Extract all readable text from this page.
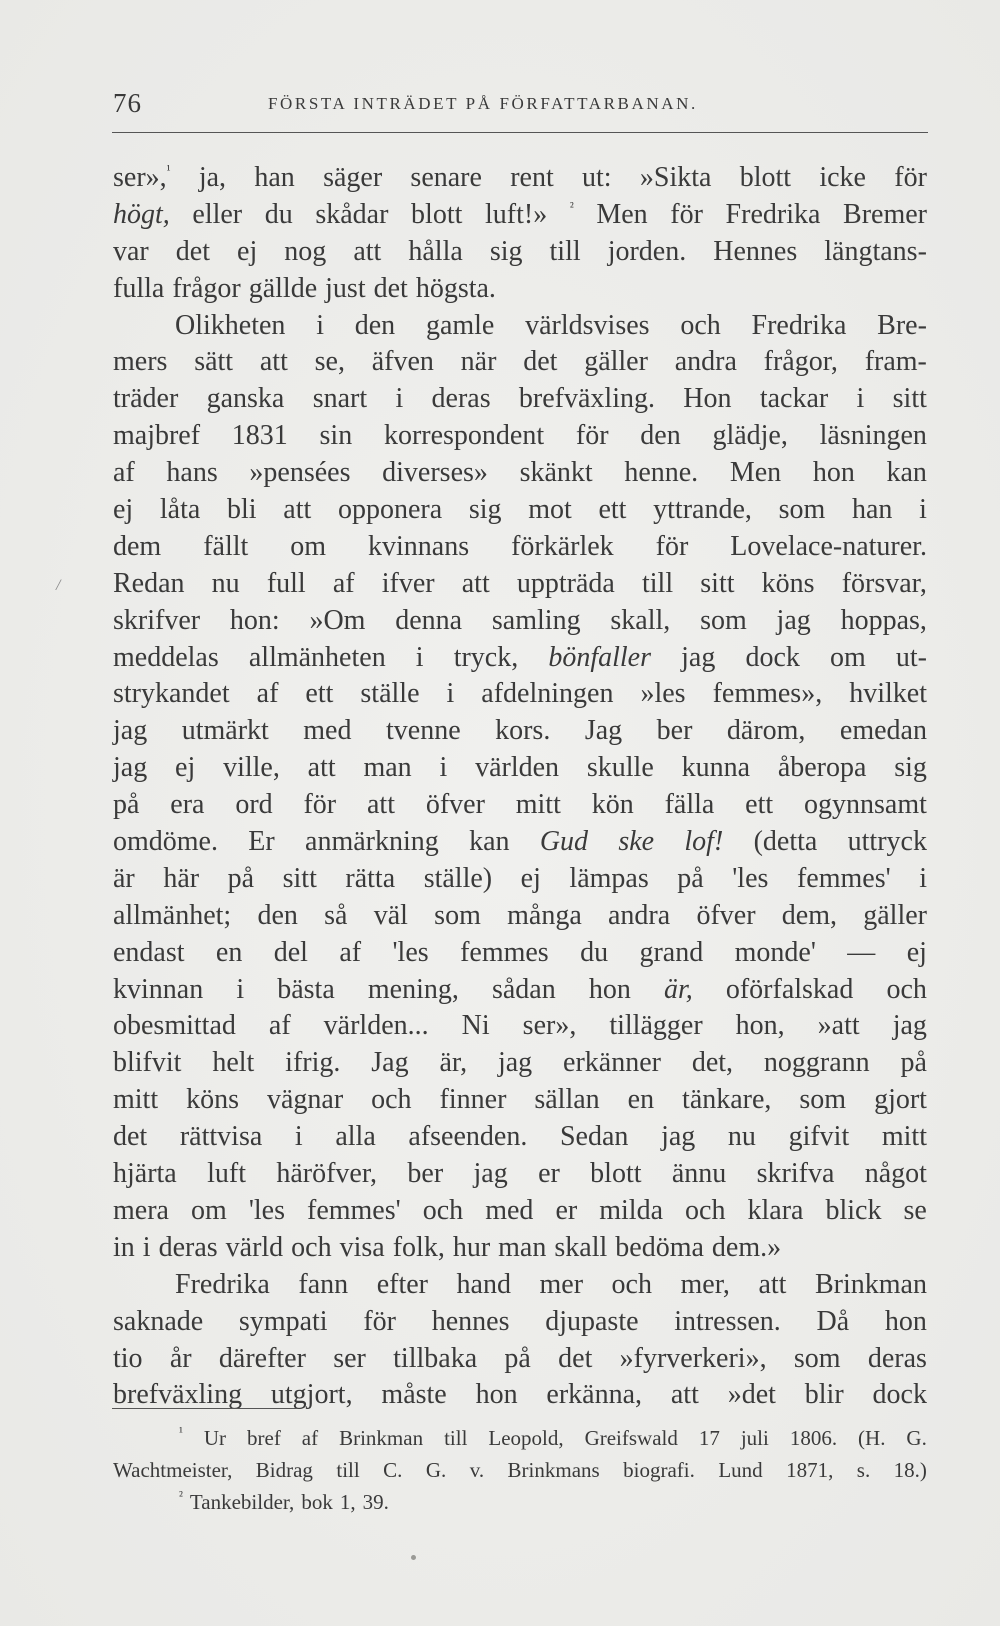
76	FÖRSTA INTRÄDET PÅ FÖRFATTARBANAN.
/
ser»,$^{^1}$ ja, han säger senare rent ut: »Sikta blott icke för
högt, eller du skådar blott luft!» $^{^2}$ Men för Fredrika Bremer
var det ej nog att hålla sig till jorden. Hennes längtans-
fulla frågor gällde just det högsta.
Olikheten i den gamle världsvises och Fredrika Bre-
mers sätt att se, äfven när det gäller andra frågor, fram-
träder ganska snart i deras brefväxling. Hon tackar i sitt
majbref 1831 sin korrespondent för den glädje, läsningen
af hans »pensées diverses» skänkt henne. Men hon kan
ej låta bli att opponera sig mot ett yttrande, som han i
dem fällt om kvinnans förkärlek för Lovelace-naturer.
Redan nu full af ifver att uppträda till sitt köns försvar,
skrifver hon: »Om denna samling skall, som jag hoppas,
meddelas allmänheten i tryck, bönfaller jag dock om ut-
strykandet af ett ställe i afdelningen »les femmes», hvilket
jag utmärkt med tvenne kors. Jag ber därom, emedan
jag ej ville, att man i världen skulle kunna åberopa sig
på era ord för att öfver mitt kön fälla ett ogynnsamt
omdöme. Er anmärkning kan Gud ske lof! (detta uttryck
är här på sitt rätta ställe) ej lämpas på 'les femmes' i
allmänhet; den så väl som många andra öfver dem, gäller
endast en del af 'les femmes du grand monde' — ej
kvinnan i bästa mening, sådan hon är, oförfalskad och
obesmittad af världen... Ni ser», tillägger hon, »att jag
blifvit helt ifrig. Jag är, jag erkänner det, noggrann på
mitt köns vägnar och finner sällan en tänkare, som gjort
det rättvisa i alla afseenden. Sedan jag nu gifvit mitt
hjärta luft häröfver, ber jag er blott ännu skrifva något
mera om 'les femmes' och med er milda och klara blick se
in i deras värld och visa folk, hur man skall bedöma dem.»
Fredrika fann efter hand mer och mer, att Brinkman
saknade sympati för hennes djupaste intressen. Då hon
tio år därefter ser tillbaka på det »fyrverkeri», som deras
brefväxling utgjort, måste hon erkänna, att »det blir dock
$^{^1}$ Ur bref af Brinkman till Leopold, Greifswald 17 juli 1806. (H. G.
Wachtmeister, Bidrag till C. G. v. Brinkmans biografi. Lund 1871, s. 18.)
$^{^2}$ Tankebilder, bok 1, 39.
